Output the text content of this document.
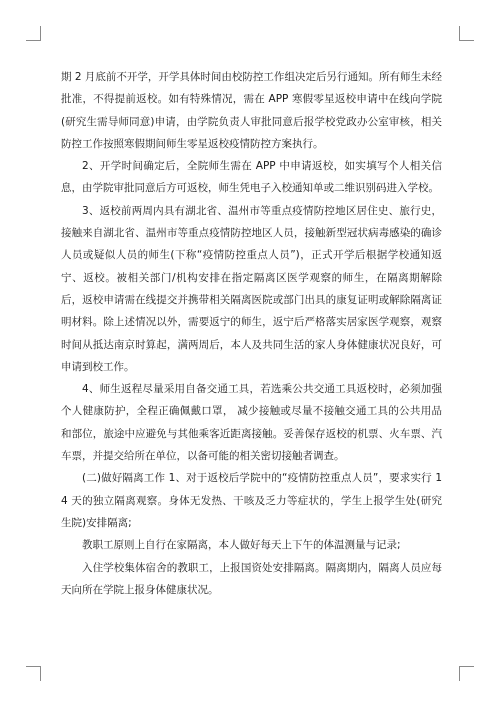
期 2 月底前不开学，开学具体时间由校防控工作组决定后另行通知。所有师生未经批准，不得提前返校。如有特殊情况，需在 APP 寒假零星返校申请中在线向学院(研究生需导师同意)申请，由学院负责人审批同意后报学校党政办公室审核，相关防控工作按照寒假期间师生零星返校疫情防控方案执行。

2、开学时间确定后，全院师生需在 APP 中申请返校，如实填写个人相关信息，由学院审批同意后方可返校，师生凭电子入校通知单或二维识别码进入学校。

3、返校前两周内具有湖北省、温州市等重点疫情防控地区居住史、旅行史，接触来自湖北省、温州市等重点疫情防控地区人员，接触新型冠状病毒感染的确诊人员或疑似人员的师生(下称“疫情防控重点人员”)，正式开学后根据学校通知返宁、返校。被相关部门/机构安排在指定隔离区医学观察的师生，在隔离期解除后，返校申请需在线提交并携带相关隔离医院或部门出具的康复证明或解除隔离证明材料。除上述情况以外，需要返宁的师生，返宁后严格落实居家医学观察，观察时间从抵达南京时算起，满两周后，本人及共同生活的家人身体健康状况良好，可申请到校工作。

4、师生返程尽量采用自备交通工具，若选乘公共交通工具返校时，必须加强个人健康防护，全程正确佩戴口罩， 减少接触或尽量不接触交通工具的公共用品和部位，旅途中应避免与其他乘客近距离接触。妥善保存返校的机票、火车票、汽车票，并提交给所在单位，以备可能的相关密切接触者调查。

(二)做好隔离工作 1、对于返校后学院中的“疫情防控重点人员”，要求实行 14 天的独立隔离观察。身体无发热、干咳及乏力等症状的，学生上报学生处(研究生院)安排隔离;

教职工原则上自行在家隔离，本人做好每天上下午的体温测量与记录;

入住学校集体宿舍的教职工，上报国资处安排隔离。隔离期内，隔离人员应每天向所在学院上报身体健康状况。
